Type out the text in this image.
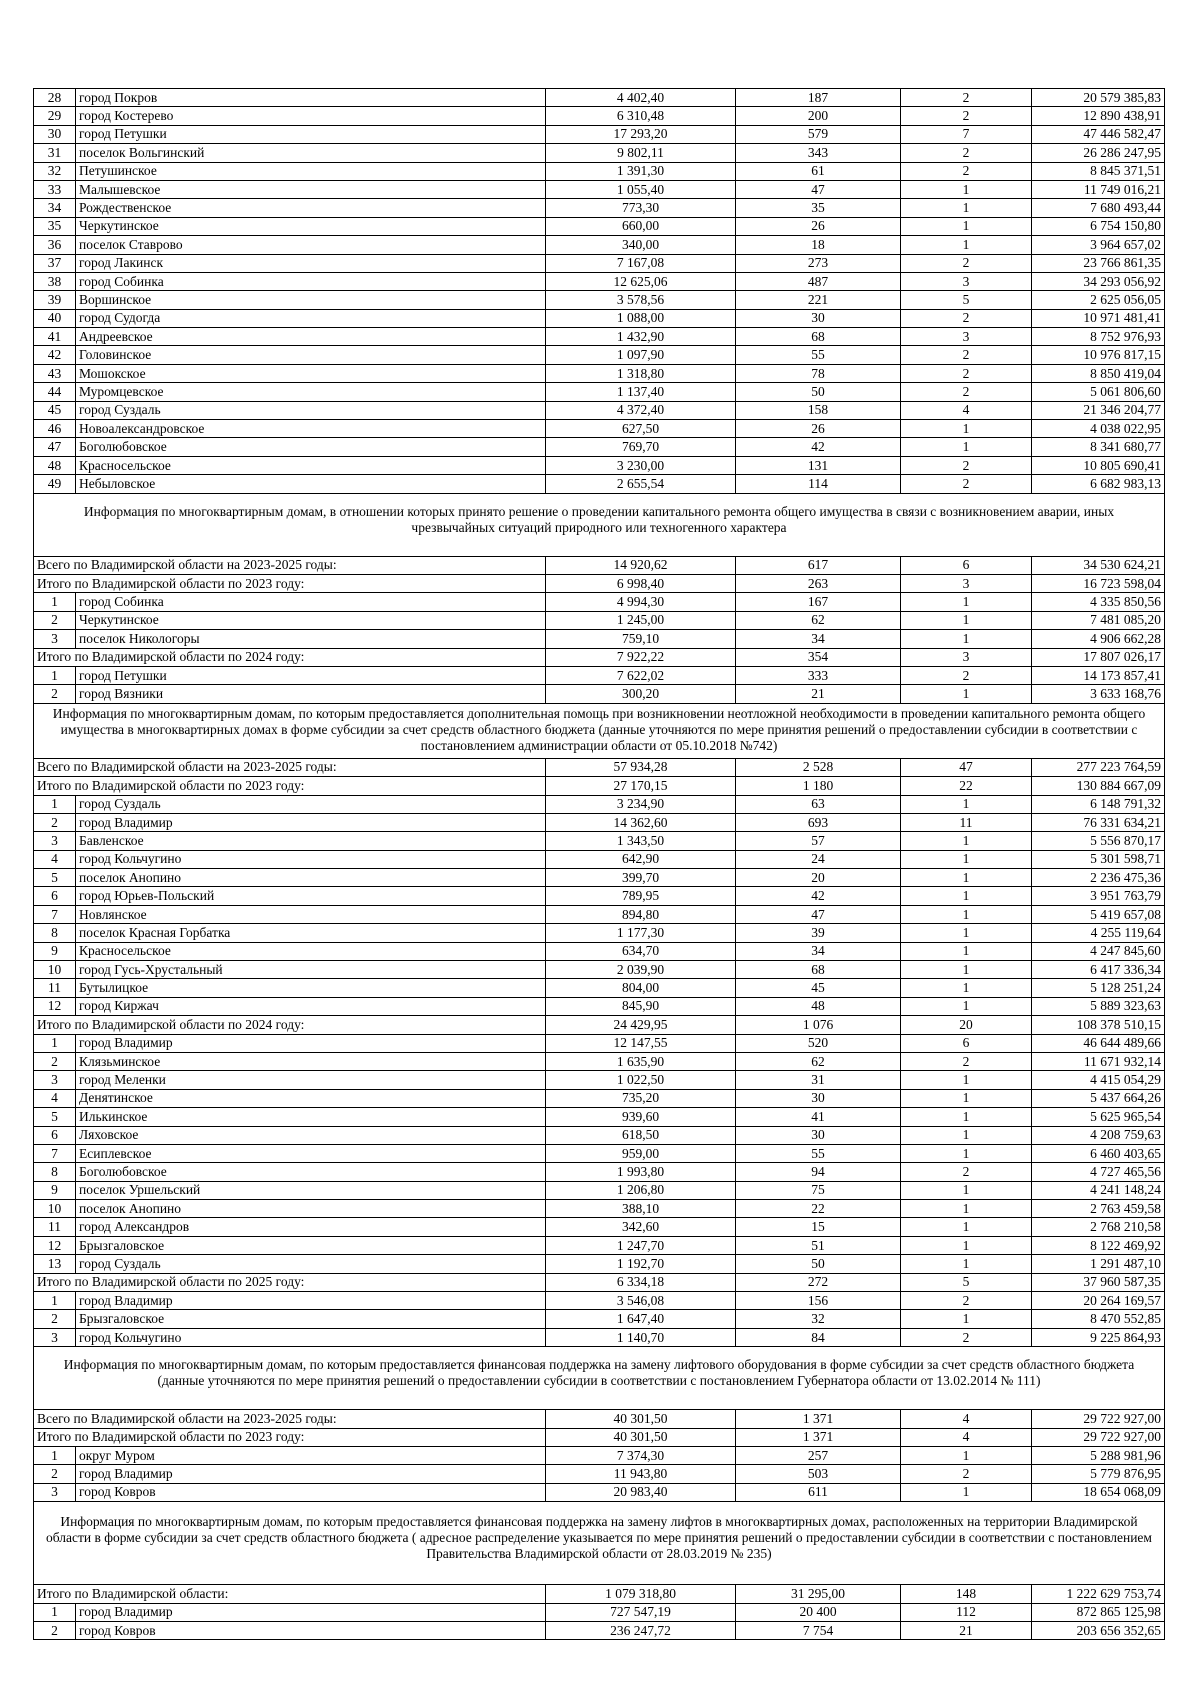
28	город Покров	4 402,40	187	2	20 579 385,83
29	город Костерево	6 310,48	200	2	12 890 438,91
30	город Петушки	17 293,20	579	7	47 446 582,47
31	поселок Вольгинский	9 802,11	343	2	26 286 247,95
32	Петушинское	1 391,30	61	2	8 845 371,51
33	Малышевское	1 055,40	47	1	11 749 016,21
34	Рождественское	773,30	35	1	7 680 493,44
35	Черкутинское	660,00	26	1	6 754 150,80
36	поселок Ставрово	340,00	18	1	3 964 657,02
37	город Лакинск	7 167,08	273	2	23 766 861,35
38	город Собинка	12 625,06	487	3	34 293 056,92
39	Воршинское	3 578,56	221	5	2 625 056,05
40	город Судогда	1 088,00	30	2	10 971 481,41
41	Андреевское	1 432,90	68	3	8 752 976,93
42	Головинское	1 097,90	55	2	10 976 817,15
43	Мошокское	1 318,80	78	2	8 850 419,04
44	Муромцевское	1 137,40	50	2	5 061 806,60
45	город Суздаль	4 372,40	158	4	21 346 204,77
46	Новоалександровское	627,50	26	1	4 038 022,95
47	Боголюбовское	769,70	42	1	8 341 680,77
48	Красносельское	3 230,00	131	2	10 805 690,41
49	Небыловское	2 655,54	114	2	6 682 983,13
Информация по многоквартирным домам, в отношении которых принято решение о проведении капитального ремонта общего имущества в связи с возникновением аварии, иных чрезвычайных ситуаций природного или техногенного характера					
Всего по Владимирской области на 2023-2025 годы:		14 920,62	617	6	34 530 624,21
Итого по Владимирской области по 2023 году:		6 998,40	263	3	16 723 598,04
1	город Собинка	4 994,30	167	1	4 335 850,56
2	Черкутинское	1 245,00	62	1	7 481 085,20
3	поселок Никологоры	759,10	34	1	4 906 662,28
Итого по Владимирской области по 2024 году:		7 922,22	354	3	17 807 026,17
1	город Петушки	7 622,02	333	2	14 173 857,41
2	город Вязники	300,20	21	1	3 633 168,76
Информация по многоквартирным домам, по которым предоставляется дополнительная помощь при возникновении неотложной необходимости в проведении капитального ремонта общего имущества в многоквартирных домах в форме субсидии за счет средств областного бюджета (данные уточняются по мере принятия решений о предоставлении субсидии в соответствии с постановлением администрации области от 05.10.2018 №742)					
Всего по Владимирской области на 2023-2025 годы:		57 934,28	2 528	47	277 223 764,59
Итого по Владимирской области по 2023 году:		27 170,15	1 180	22	130 884 667,09
1	город Суздаль	3 234,90	63	1	6 148 791,32
2	город Владимир	14 362,60	693	11	76 331 634,21
3	Бавленское	1 343,50	57	1	5 556 870,17
4	город Кольчугино	642,90	24	1	5 301 598,71
5	поселок Анопино	399,70	20	1	2 236 475,36
6	город Юрьев-Польский	789,95	42	1	3 951 763,79
7	Новлянское	894,80	47	1	5 419 657,08
8	поселок Красная Горбатка	1 177,30	39	1	4 255 119,64
9	Красносельское	634,70	34	1	4 247 845,60
10	город Гусь-Хрустальный	2 039,90	68	1	6 417 336,34
11	Бутылицкое	804,00	45	1	5 128 251,24
12	город Киржач	845,90	48	1	5 889 323,63
Итого по Владимирской области по 2024 году:		24 429,95	1 076	20	108 378 510,15
1	город Владимир	12 147,55	520	6	46 644 489,66
2	Клязьминское	1 635,90	62	2	11 671 932,14
3	город Меленки	1 022,50	31	1	4 415 054,29
4	Денятинское	735,20	30	1	5 437 664,26
5	Илькинское	939,60	41	1	5 625 965,54
6	Ляховское	618,50	30	1	4 208 759,63
7	Есиплевское	959,00	55	1	6 460 403,65
8	Боголюбовское	1 993,80	94	2	4 727 465,56
9	поселок Уршельский	1 206,80	75	1	4 241 148,24
10	поселок Анопино	388,10	22	1	2 763 459,58
11	город Александров	342,60	15	1	2 768 210,58
12	Брызгаловское	1 247,70	51	1	8 122 469,92
13	город Суздаль	1 192,70	50	1	1 291 487,10
Итого по Владимирской области по 2025 году:		6 334,18	272	5	37 960 587,35
1	город Владимир	3 546,08	156	2	20 264 169,57
2	Брызгаловское	1 647,40	32	1	8 470 552,85
3	город Кольчугино	1 140,70	84	2	9 225 864,93
Информация по многоквартирным домам, по которым предоставляется финансовая поддержка на замену лифтового оборудования в форме субсидии за счет средств областного бюджета (данные уточняются по мере принятия решений о предоставлении субсидии в соответствии с постановлением Губернатора области от 13.02.2014 № 111)					
Всего по Владимирской области на 2023-2025 годы:		40 301,50	1 371	4	29 722 927,00
Итого по Владимирской области по 2023 году:		40 301,50	1 371	4	29 722 927,00
1	округ Муром	7 374,30	257	1	5 288 981,96
2	город Владимир	11 943,80	503	2	5 779 876,95
3	город Ковров	20 983,40	611	1	18 654 068,09
Информация по многоквартирным домам, по которым предоставляется финансовая поддержка на замену лифтов в многоквартирных домах, расположенных на территории Владимирской области в форме субсидии за счет средств областного бюджета ( адресное распределение указывается по мере принятия решений о предоставлении субсидии в соответствии с постановлением Правительства Владимирской области от 28.03.2019 № 235)					
Итого по Владимирской области:		1 079 318,80	31 295,00	148	1 222 629 753,74
1	город Владимир	727 547,19	20 400	112	872 865 125,98
2	город Ковров	236 247,72	7 754	21	203 656 352,65
